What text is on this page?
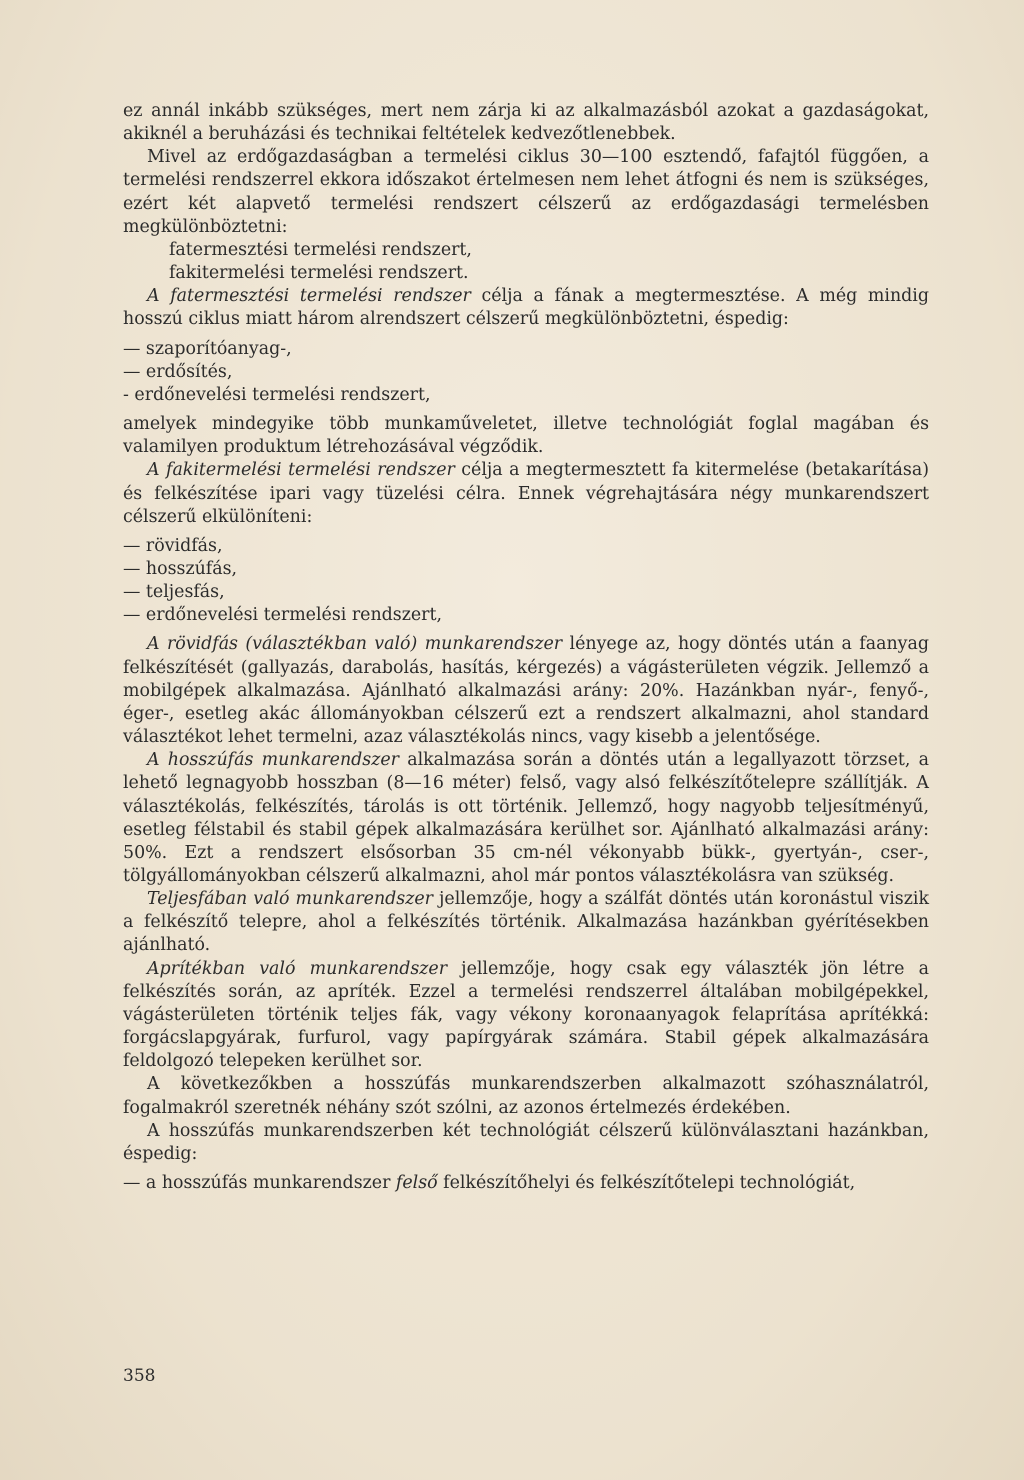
ez annál inkább szükséges, mert nem zárja ki az alkalmazásból azokat a gazdaságokat, akiknél a beruházási és technikai feltételek kedvezőtlenebbek.

Mivel az erdőgazdaságban a termelési ciklus 30—100 esztendő, fafajtól függően, a termelési rendszerrel ekkora időszakot értelmesen nem lehet átfogni és nem is szükséges, ezért két alapvető termelési rendszert célszerű az erdőgazdasági termelésben megkülönböztetni:

fatermesztési termelési rendszert,

fakitermelési termelési rendszert.

A fatermesztési termelési rendszer célja a fának a megtermesztése. A még mindig hosszú ciklus miatt három alrendszert célszerű megkülönböztetni, éspedig:

— szaporítóanyag-,
— erdősítés,
- erdőnevelési termelési rendszert,

amelyek mindegyike több munkaműveletet, illetve technológiát foglal magában és valamilyen produktum létrehozásával végződik.

A fakitermelési termelési rendszer célja a megtermesztett fa kitermelése (betakarítása) és felkészítése ipari vagy tüzelési célra. Ennek végrehajtására négy munkarendszert célszerű elkülöníteni:

— rövidfás,
— hosszúfás,
— teljesfás,
— erdőnevelési termelési rendszert,

A rövidfás (választékban való) munkarendszer lényege az, hogy döntés után a faanyag felkészítését (gallyazás, darabolás, hasítás, kérgezés) a vágásterületen végzik. Jellemző a mobilgépek alkalmazása. Ajánlható alkalmazási arány: 20%. Hazánkban nyár-, fenyő-, éger-, esetleg akác állományokban célszerű ezt a rendszert alkalmazni, ahol standard választékot lehet termelni, azaz választékolás nincs, vagy kisebb a jelentősége.

A hosszúfás munkarendszer alkalmazása során a döntés után a legallyazott törzset, a lehető legnagyobb hosszban (8—16 méter) felső, vagy alsó felkészítőtelepre szállítják. A választékolás, felkészítés, tárolás is ott történik. Jellemző, hogy nagyobb teljesítményű, esetleg félstabil és stabil gépek alkalmazására kerülhet sor. Ajánlható alkalmazási arány: 50%. Ezt a rendszert elsősorban 35 cm-nél vékonyabb bükk-, gyertyán-, cser-, tölgyállományokban célszerű alkalmazni, ahol már pontos választékolásra van szükség.

Teljesfában való munkarendszer jellemzője, hogy a szálfát döntés után koronástul viszik a felkészítő telepre, ahol a felkészítés történik. Alkalmazása hazánkban gyérítésekben ajánlható.

Aprítékban való munkarendszer jellemzője, hogy csak egy választék jön létre a felkészítés során, az apríték. Ezzel a termelési rendszerrel általában mobilgépekkel, vágásterületen történik teljes fák, vagy vékony koronaanyagok felaprítása aprítékká: forgácslapgyárak, furfurol, vagy papírgyárak számára. Stabil gépek alkalmazására feldolgozó telepeken kerülhet sor.

A következőkben a hosszúfás munkarendszerben alkalmazott szóhasználatról, fogalmakról szeretnék néhány szót szólni, az azonos értelmezés érdekében.

A hosszúfás munkarendszerben két technológiát célszerű különválasztani hazánkban, éspedig:

— a hosszúfás munkarendszer felső felkészítőhelyi és felkészítőtelepi technológiát,
358
